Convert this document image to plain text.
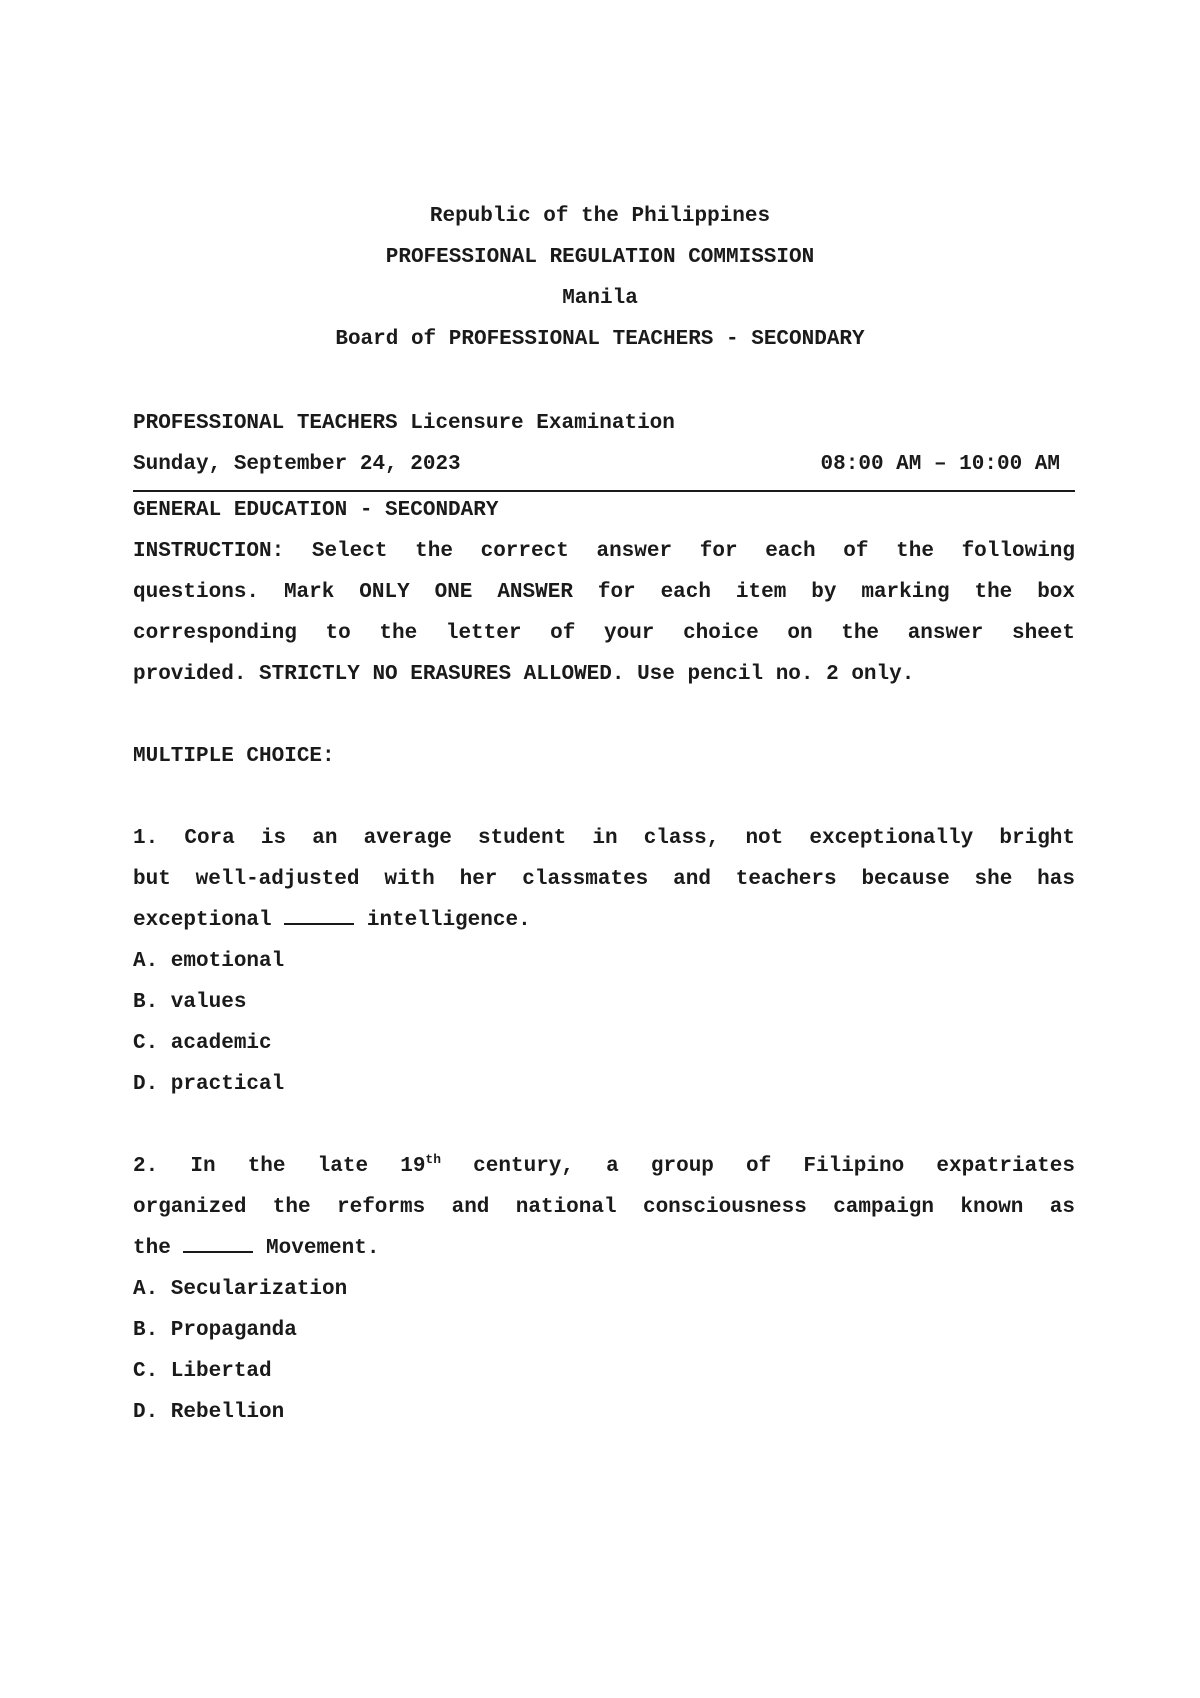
Republic of the Philippines
PROFESSIONAL REGULATION COMMISSION
Manila
Board of PROFESSIONAL TEACHERS - SECONDARY
PROFESSIONAL TEACHERS Licensure Examination
Sunday, September 24, 2023	08:00 AM – 10:00 AM
GENERAL EDUCATION - SECONDARY
INSTRUCTION: Select the correct answer for each of the following
questions. Mark ONLY ONE ANSWER for each item by marking the box
corresponding to the letter of your choice on the answer sheet
provided. STRICTLY NO ERASURES ALLOWED. Use pencil no. 2 only.
MULTIPLE CHOICE:
1. Cora is an average student in class, not exceptionally bright
but well-adjusted with her classmates and teachers because she has
exceptional	intelligence.
A. emotional
B. values
C. academic
D. practical
2. In the late 19th century, a group of Filipino expatriates
organized the reforms and national consciousness campaign known as
the	Movement.
A. Secularization
B. Propaganda
C. Libertad
D. Rebellion
